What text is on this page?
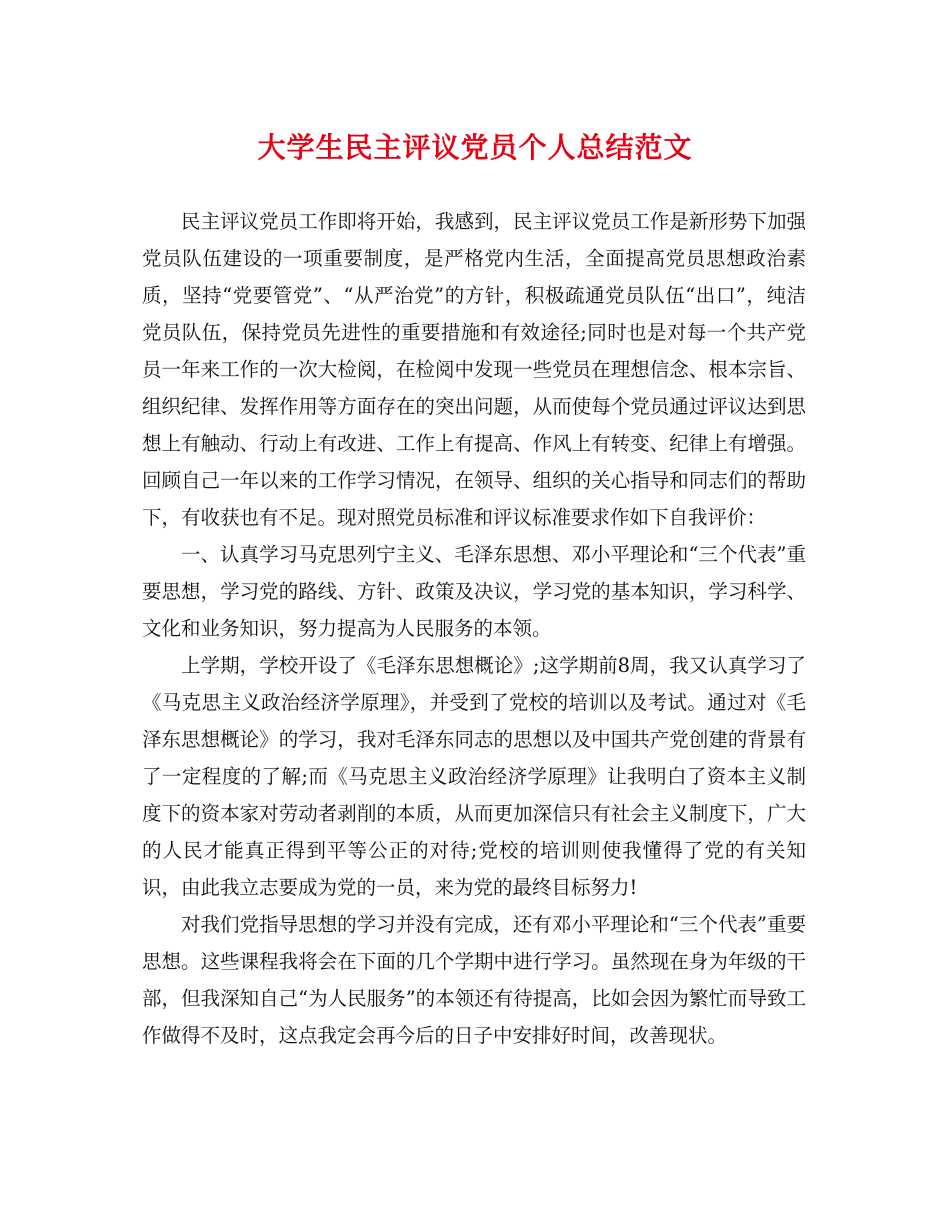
大学生民主评议党员个人总结范文

民主评议党员工作即将开始，我感到，民主评议党员工作是新形势下加强党员队伍建设的一项重要制度，是严格党内生活，全面提高党员思想政治素质，坚持“党要管党”、“从严治党”的方针，积极疏通党员队伍“出口”，纯洁党员队伍，保持党员先进性的重要措施和有效途径;同时也是对每一个共产党员一年来工作的一次大检阅，在检阅中发现一些党员在理想信念、根本宗旨、组织纪律、发挥作用等方面存在的突出问题，从而使每个党员通过评议达到思想上有触动、行动上有改进、工作上有提高、作风上有转变、纪律上有增强。回顾自己一年以来的工作学习情况，在领导、组织的关心指导和同志们的帮助下，有收获也有不足。现对照党员标准和评议标准要求作如下自我评价：

一、认真学习马克思列宁主义、毛泽东思想、邓小平理论和“三个代表”重要思想，学习党的路线、方针、政策及决议，学习党的基本知识，学习科学、文化和业务知识，努力提高为人民服务的本领。

上学期，学校开设了《毛泽东思想概论》;这学期前8周，我又认真学习了《马克思主义政治经济学原理》，并受到了党校的培训以及考试。通过对《毛泽东思想概论》的学习，我对毛泽东同志的思想以及中国共产党创建的背景有了一定程度的了解;而《马克思主义政治经济学原理》让我明白了资本主义制度下的资本家对劳动者剥削的本质，从而更加深信只有社会主义制度下，广大的人民才能真正得到平等公正的对待;党校的培训则使我懂得了党的有关知识，由此我立志要成为党的一员，来为党的最终目标努力!

对我们党指导思想的学习并没有完成，还有邓小平理论和“三个代表”重要思想。这些课程我将会在下面的几个学期中进行学习。虽然现在身为年级的干部，但我深知自己“为人民服务”的本领还有待提高，比如会因为繁忙而导致工作做得不及时，这点我定会再今后的日子中安排好时间，改善现状。
